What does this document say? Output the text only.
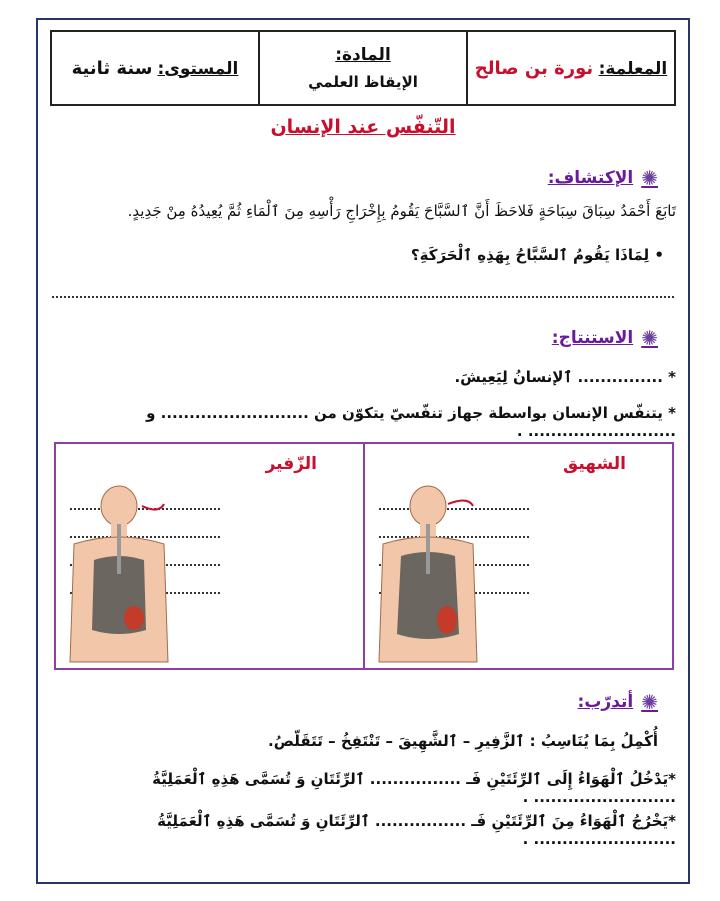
المعلمة: نورة بن صالح
المادة:
الإيقاظ العلمي
المستوى: سنة ثانية
التّنفّس عند الإنسان
✺
الإكتشاف:
تَابَعَ أَحْمَدُ سِبَاقَ سِبَاحَةٍ فَلاحَظَ أَنَّ ٱلسَّبَّاحَ يَقُومُ بِإِخْرَاجِ رَأْسِهِ مِنَ ٱلْمَاءِ ثُمَّ يُعِيدُهُ مِنْ جَدِيدٍ.
• لِمَاذَا يَقُومُ ٱلسَّبَّاحُ بِهَذِهِ ٱلْحَرَكَةِ؟
✺
الاستنتاج:
* ............... ٱلإنسانُ لِيَعِيشَ.
* يتنفّس الإنسان بواسطة جهاز تنفّسيّ يتكوّن من .......................... و .......................... .
الشهيق
الزّفير
✺
أتدرّب:
أُكْمِلُ بِمَا يُنَاسِبُ : ٱلزَّفِيرِ – ٱلشَّهِيقَ – تَنْتَفِخُ – تَتَقَلّصُ.
*يَدْخُلُ ٱلْهَوَاءُ إِلَى ٱلرِّئَتَيْنِ فَـ ................ ٱلرِّئَتَانِ وَ تُسَمَّى هَذِهِ ٱلْعَمَلِيَّةُ ......................... .
*يَخْرُجُ ٱلْهَوَاءُ مِنَ ٱلرِّئَتَيْنِ فَـ ................ ٱلرِّئَتَانِ وَ تُسَمَّى هَذِهِ ٱلْعَمَلِيَّةُ ......................... .
